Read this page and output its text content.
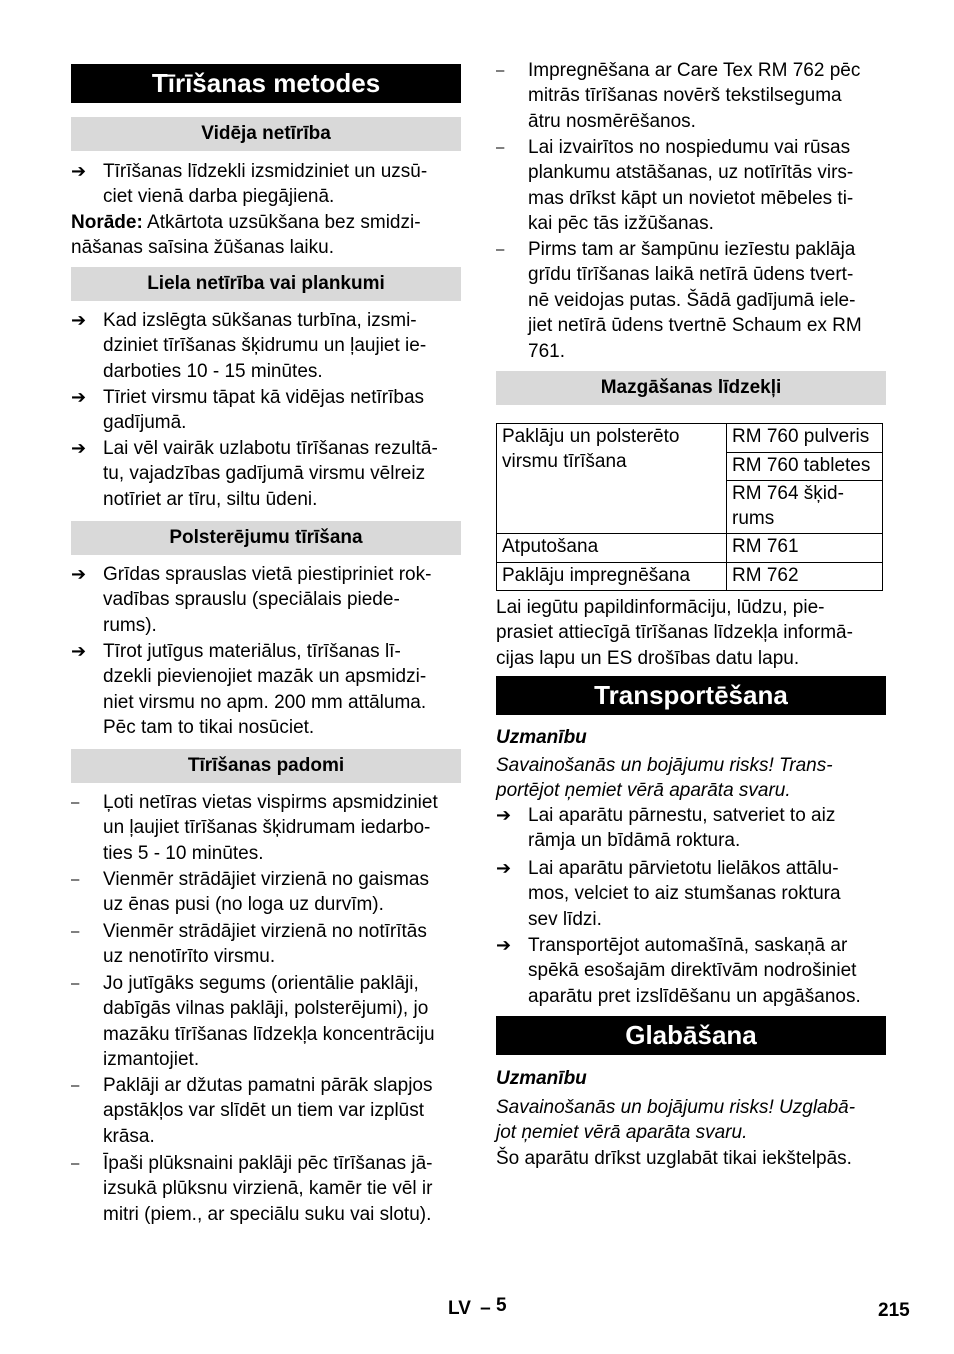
Tīrīšanas metodes
Vidēja netīrība
➔ Tīrīšanas līdzekli izsmidziniet un uzsū-
ciet vienā darba piegājienā.
Norāde: Atkārtota uzsūkšana bez smidzi-
nāšanas saīsina žūšanas laiku.
Liela netīrība vai plankumi
➔ Kad izslēgta sūkšanas turbīna, izsmi-
dziniet tīrīšanas šķidrumu un ļaujiet ie-
darboties 10 - 15 minūtes.
➔ Tīriet virsmu tāpat kā vidējas netīrības
gadījumā.
➔ Lai vēl vairāk uzlabotu tīrīšanas rezultā-
tu, vajadzības gadījumā virsmu vēlreiz
notīriet ar tīru, siltu ūdeni.
Polsterējumu tīrīšana
➔ Grīdas sprauslas vietā piestipriniet rok-
vadības sprauslu (speciālais piede-
rums).
➔ Tīrot jutīgus materiālus, tīrīšanas lī-
dzekli pievienojiet mazāk un apsmidzi-
niet virsmu no apm. 200 mm attāluma.
Pēc tam to tikai nosūciet.
Tīrīšanas padomi
–	Ļoti netīras vietas vispirms apsmidziniet
un ļaujiet tīrīšanas šķidrumam iedarbo-
ties 5 - 10 minūtes.
–	Vienmēr strādājiet virzienā no gaismas
uz ēnas pusi (no loga uz durvīm).
–	Vienmēr strādājiet virzienā no notīrītās
uz nenotīrīto virsmu.
–	Jo jutīgāks segums (orientālie paklāji,
dabīgās vilnas paklāji, polsterējumi), jo
mazāku tīrīšanas līdzekļa koncentrāciju
izmantojiet.
–	Paklāji ar džutas pamatni pārāk slapjos
apstākļos var slīdēt un tiem var izplūst
krāsa.
–	Īpaši plūksnaini paklāji pēc tīrīšanas jā-
izsukā plūksnu virzienā, kamēr tie vēl ir
mitri (piem., ar speciālu suku vai slotu).
–	Impregnēšana ar Care Tex RM 762 pēc
mitrās tīrīšanas novērš tekstilseguma
ātru nosmērēšanos.
–	Lai izvairītos no nospiedumu vai rūsas
plankumu atstāšanas, uz notīrītās virs-
mas drīkst kāpt un novietot mēbeles ti-
kai pēc tās izžūšanas.
–	Pirms tam ar šampūnu iezīestu paklāja
grīdu tīrīšanas laikā netīrā ūdens tvert-
nē veidojas putas. Šādā gadījumā iele-
jiet netīrā ūdens tvertnē Schaum ex RM
761.
Mazgāšanas līdzekļi
Paklāju un polsterēto
virsmu tīrīšana	RM 760 pulveris
	RM 760 tabletes
	RM 764 šķid-
rums
Atputošana	RM 761
Paklāju impregnēšana	RM 762
Lai iegūtu papildinformāciju, lūdzu, pie-
prasiet attiecīgā tīrīšanas līdzekļa informā-
cijas lapu un ES drošības datu lapu.
Transportēšana
Uzmanību
Savainošanās un bojājumu risks! Trans-
portējot ņemiet vērā aparāta svaru.
➔ Lai aparātu pārnestu, satveriet to aiz
rāmja un bīdāmā roktura.
➔ Lai aparātu pārvietotu lielākos attālu-
mos, velciet to aiz stumšanas roktura
sev līdzi.
➔ Transportējot automašīnā, saskaņā ar
spēkā esošajām direktīvām nodrošiniet
aparātu pret izslīdēšanu un apgāšanos.
Glabāšana
Uzmanību
Savainošanās un bojājumu risks! Uzglabā-
jot ņemiet vērā aparāta svaru.
Šo aparātu drīkst uzglabāt tikai iekštelpās.
LV – 5	215
